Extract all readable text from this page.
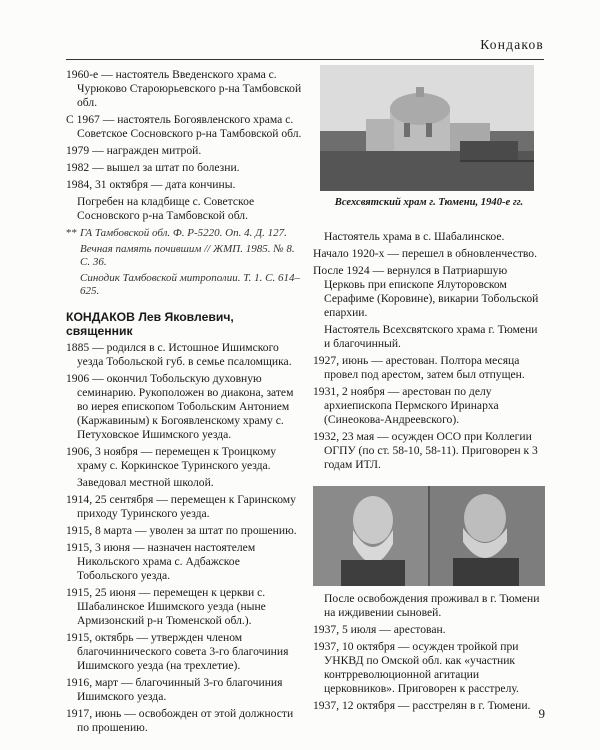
Кондаков

1960-е — настоятель Введенского храма с. Чурюково Староюрьевского р-на Тамбовской обл.

С 1967 — настоятель Богоявленского храма с. Советское Сосновского р-на Тамбовской обл.

1979 — награжден митрой.

1982 — вышел за штат по болезни.

1984, 31 октября — дата кончины.

Погребен на кладбище с. Советское Сосновского р-на Тамбовской обл.

** ГА Тамбовской обл. Ф. Р-5220. Оп. 4. Д. 127.

Вечная память почившим // ЖМП. 1985. № 8. С. 36.

Синодик Тамбовской митрополии. Т. 1. С. 614–625.

КОНДАКОВ Лев Яковлевич, священник

1885 — родился в с. Истошное Ишимского уезда Тобольской губ. в семье псаломщика.

1906 — окончил Тобольскую духовную семинарию. Рукоположен во диакона, затем во иерея епископом Тобольским Антонием (Каржавиным) к Богоявленскому храму с. Петуховское Ишимского уезда.

1906, 3 ноября — перемещен к Троицкому храму с. Коркинское Туринского уезда.

Заведовал местной школой.

1914, 25 сентября — перемещен к Гаринскому приходу Туринского уезда.

1915, 8 марта — уволен за штат по прошению.

1915, 3 июня — назначен настоятелем Никольского храма с. Адбажское Тобольского уезда.

1915, 25 июня — перемещен к церкви с. Шабалинское Ишимского уезда (ныне Армизонский р-н Тюменской обл.).

1915, октябрь — утвержден членом благочиннического совета 3-го благочиния Ишимского уезда (на трехлетие).

1916, март — благочинный 3-го благочиния Ишимского уезда.

1917, июнь — освобожден от этой должности по прошению.

Всехсвятский храм г. Тюмени, 1940-е гг.

Настоятель храма в с. Шабалинское.

Начало 1920-х — перешел в обновленчество.

После 1924 — вернулся в Патриаршую Церковь при епископе Ялуторовском Серафиме (Коровине), викарии Тобольской епархии.

Настоятель Всехсвятского храма г. Тюмени и благочинный.

1927, июнь — арестован. Полтора месяца провел под арестом, затем был отпущен.

1931, 2 ноября — арестован по делу архиепископа Пермского Иринарха (Синеокова-Андреевского).

1932, 23 мая — осужден ОСО при Коллегии ОГПУ (по ст. 58-10, 58-11). Приговорен к 3 годам ИТЛ.

После освобождения проживал в г. Тюмени на иждивении сыновей.

1937, 5 июля — арестован.

1937, 10 октября — осужден тройкой при УНКВД по Омской обл. как «участник контрреволюционной агитации церковников». Приговорен к расстрелу.

1937, 12 октября — расстрелян в г. Тюмени.

9
